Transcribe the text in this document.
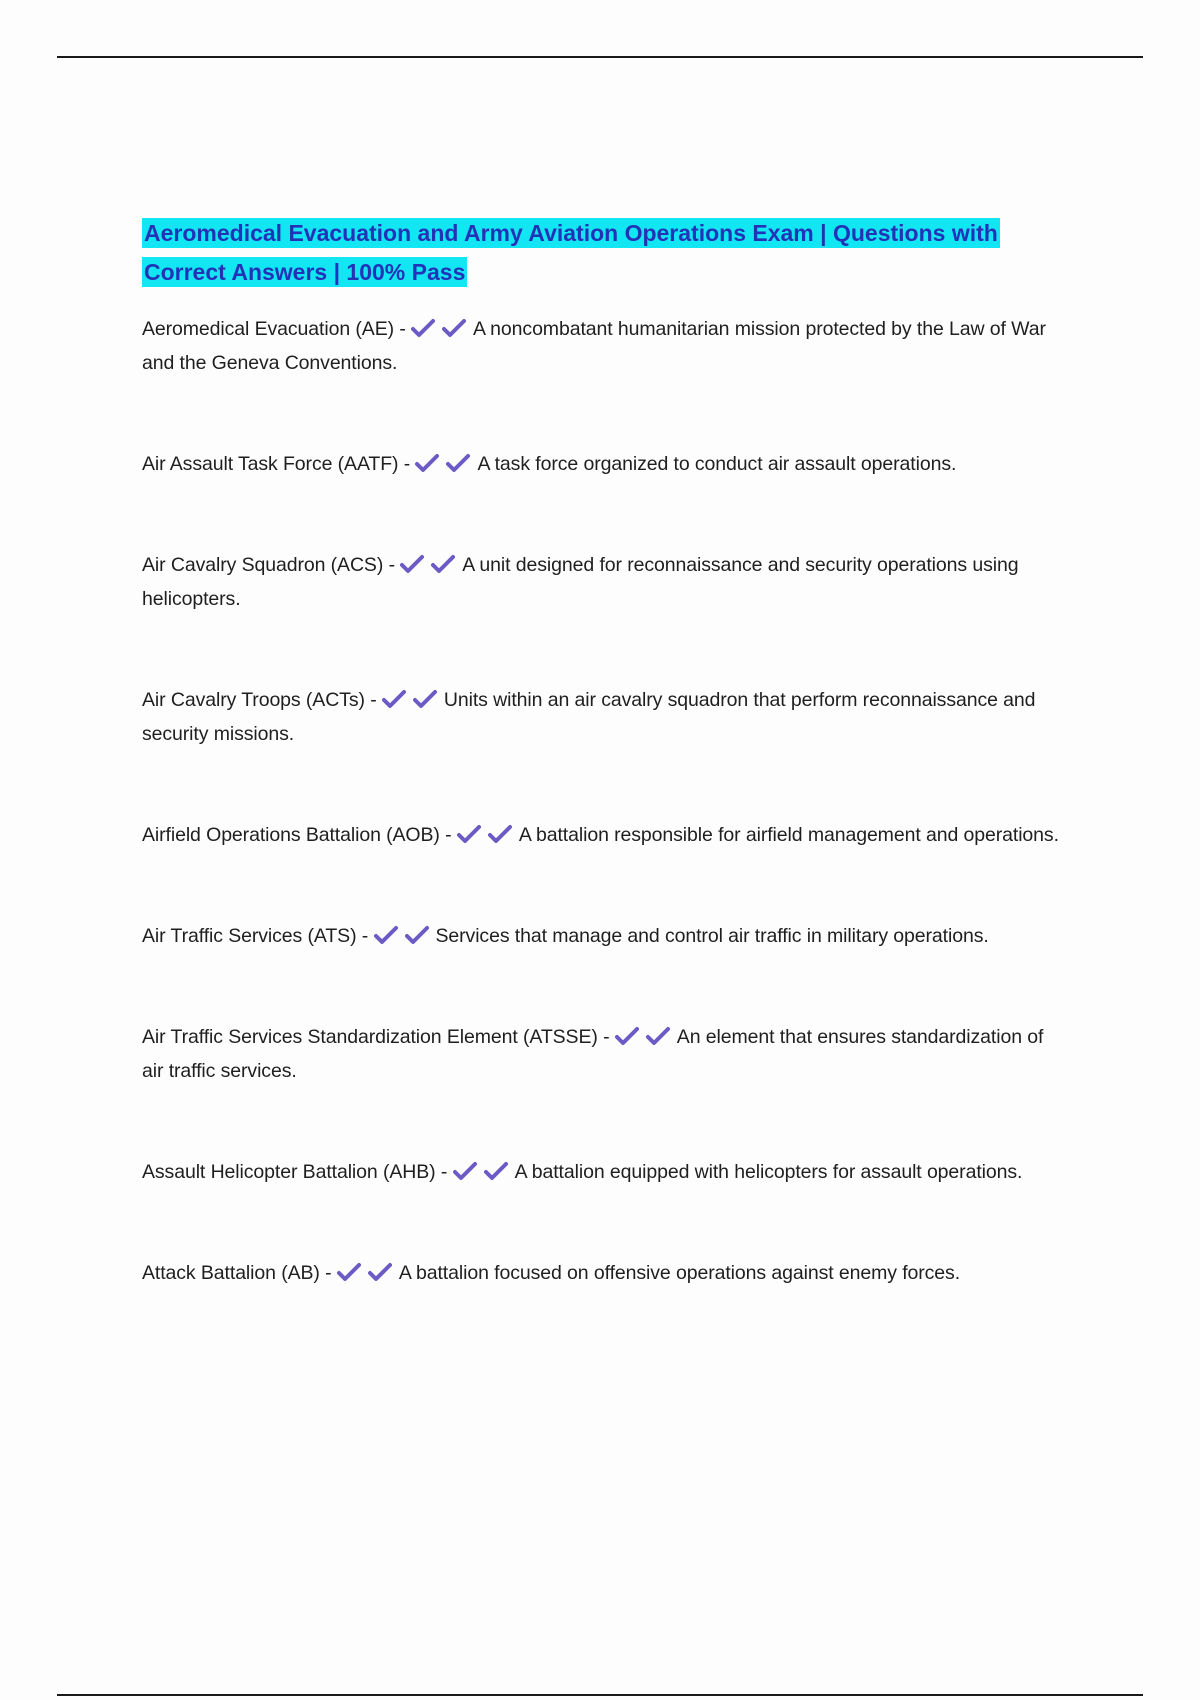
Aeromedical Evacuation and Army Aviation Operations Exam | Questions with Correct Answers | 100% Pass

Aeromedical Evacuation (AE) -	A noncombatant humanitarian mission protected by the Law of War and the Geneva Conventions.

Air Assault Task Force (AATF) -	A task force organized to conduct air assault operations.

Air Cavalry Squadron (ACS) -	A unit designed for reconnaissance and security operations using helicopters.

Air Cavalry Troops (ACTs) -	Units within an air cavalry squadron that perform reconnaissance and security missions.

Airfield Operations Battalion (AOB) -	A battalion responsible for airfield management and operations.

Air Traffic Services (ATS) -	Services that manage and control air traffic in military operations.

Air Traffic Services Standardization Element (ATSSE) -	An element that ensures standardization of air traffic services.

Assault Helicopter Battalion (AHB) -	A battalion equipped with helicopters for assault operations.

Attack Battalion (AB) -	A battalion focused on offensive operations against enemy forces.
